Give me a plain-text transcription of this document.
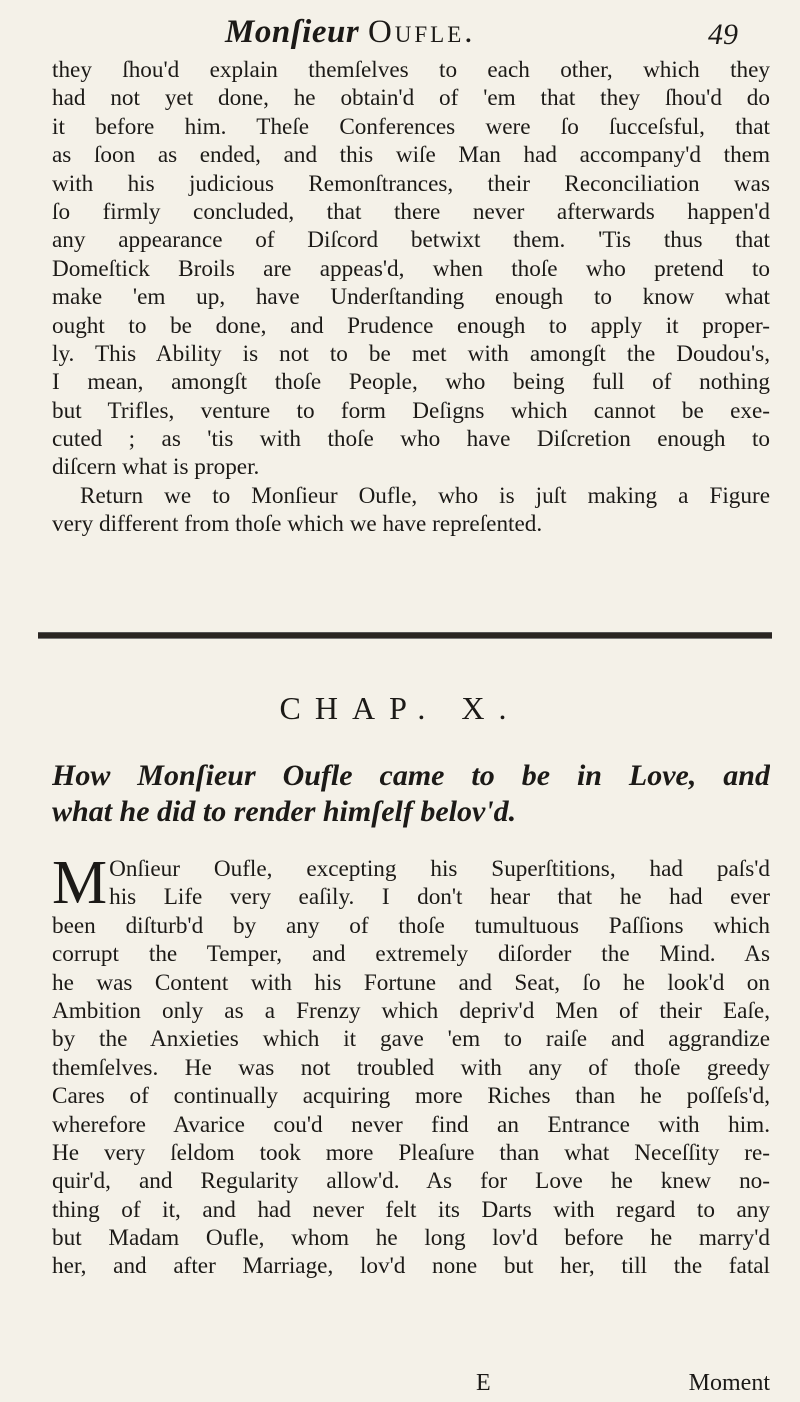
Monſieur Oufle.	49
they ſhou'd explain themſelves to each other, which they
had not yet done, he obtain'd of 'em that they ſhou'd do
it before him. Theſe Conferences were ſo ſucceſsful, that
as ſoon as ended, and this wiſe Man had accompany'd them
with his judicious Remonſtrances, their Reconciliation was
ſo firmly concluded, that there never afterwards happen'd
any appearance of Diſcord betwixt them. 'Tis thus that
Domeſtick Broils are appeas'd, when thoſe who pretend to
make 'em up, have Underſtanding enough to know what
ought to be done, and Prudence enough to apply it proper-
ly. This Ability is not to be met with amongſt the Doudou's,
I mean, amongſt thoſe People, who being full of nothing
but Trifles, venture to form Deſigns which cannot be exe-
cuted ; as 'tis with thoſe who have Diſcretion enough to
diſcern what is proper.
Return we to Monſieur Oufle, who is juſt making a Figure
very different from thoſe which we have repreſented.
CHAP. X.
How Monſieur Oufle came to be in Love, and
what he did to render himſelf belov'd.
M Onſieur Oufle, excepting his Superſtitions, had paſs'd
his Life very eaſily. I don't hear that he had ever
been diſturb'd by any of thoſe tumultuous Paſſions which
corrupt the Temper, and extremely diſorder the Mind. As
he was Content with his Fortune and Seat, ſo he look'd on
Ambition only as a Frenzy which depriv'd Men of their Eaſe,
by the Anxieties which it gave 'em to raiſe and aggrandize
themſelves. He was not troubled with any of thoſe greedy
Cares of continually acquiring more Riches than he poſſeſs'd,
wherefore Avarice cou'd never find an Entrance with him.
He very ſeldom took more Pleaſure than what Neceſſity re-
quir'd, and Regularity allow'd. As for Love he knew no-
thing of it, and had never felt its Darts with regard to any
but Madam Oufle, whom he long lov'd before he marry'd
her, and after Marriage, lov'd none but her, till the fatal
E	Moment
